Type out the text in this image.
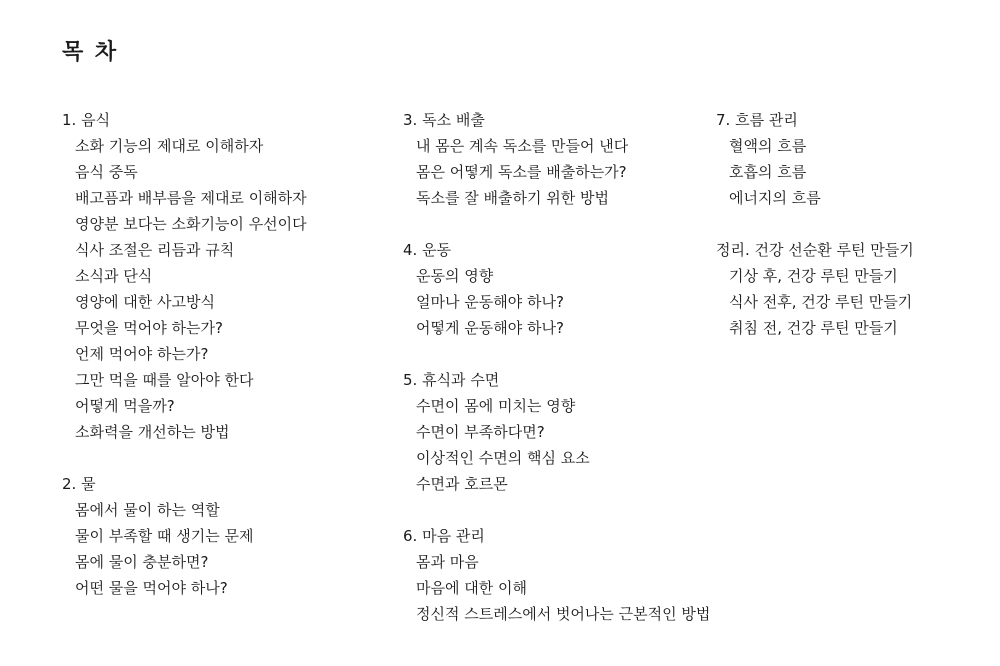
목 차
1. 음식
소화 기능의 제대로 이해하자
음식 중독
배고픔과 배부름을 제대로 이해하자
영양분 보다는 소화기능이 우선이다
식사 조절은 리듬과 규칙
소식과 단식
영양에 대한 사고방식
무엇을 먹어야 하는가?
언제 먹어야 하는가?
그만 먹을 때를 알아야 한다
어떻게 먹을까?
소화력을 개선하는 방법
2. 물
몸에서 물이 하는 역할
물이 부족할 때 생기는 문제
몸에 물이 충분하면?
어떤 물을 먹어야 하나?
3. 독소 배출
내 몸은 계속 독소를 만들어 낸다
몸은 어떻게 독소를 배출하는가?
독소를 잘 배출하기 위한 방법
4. 운동
운동의 영향
얼마나 운동해야 하나?
어떻게 운동해야 하나?
5. 휴식과 수면
수면이 몸에 미치는 영향
수면이 부족하다면?
이상적인 수면의 핵심 요소
수면과 호르몬
6. 마음 관리
몸과 마음
마음에 대한 이해
정신적 스트레스에서 벗어나는 근본적인 방법
7. 흐름 관리
혈액의 흐름
호흡의 흐름
에너지의 흐름
정리. 건강 선순환 루틴 만들기
기상 후, 건강 루틴 만들기
식사 전후, 건강 루틴 만들기
취침 전, 건강 루틴 만들기
